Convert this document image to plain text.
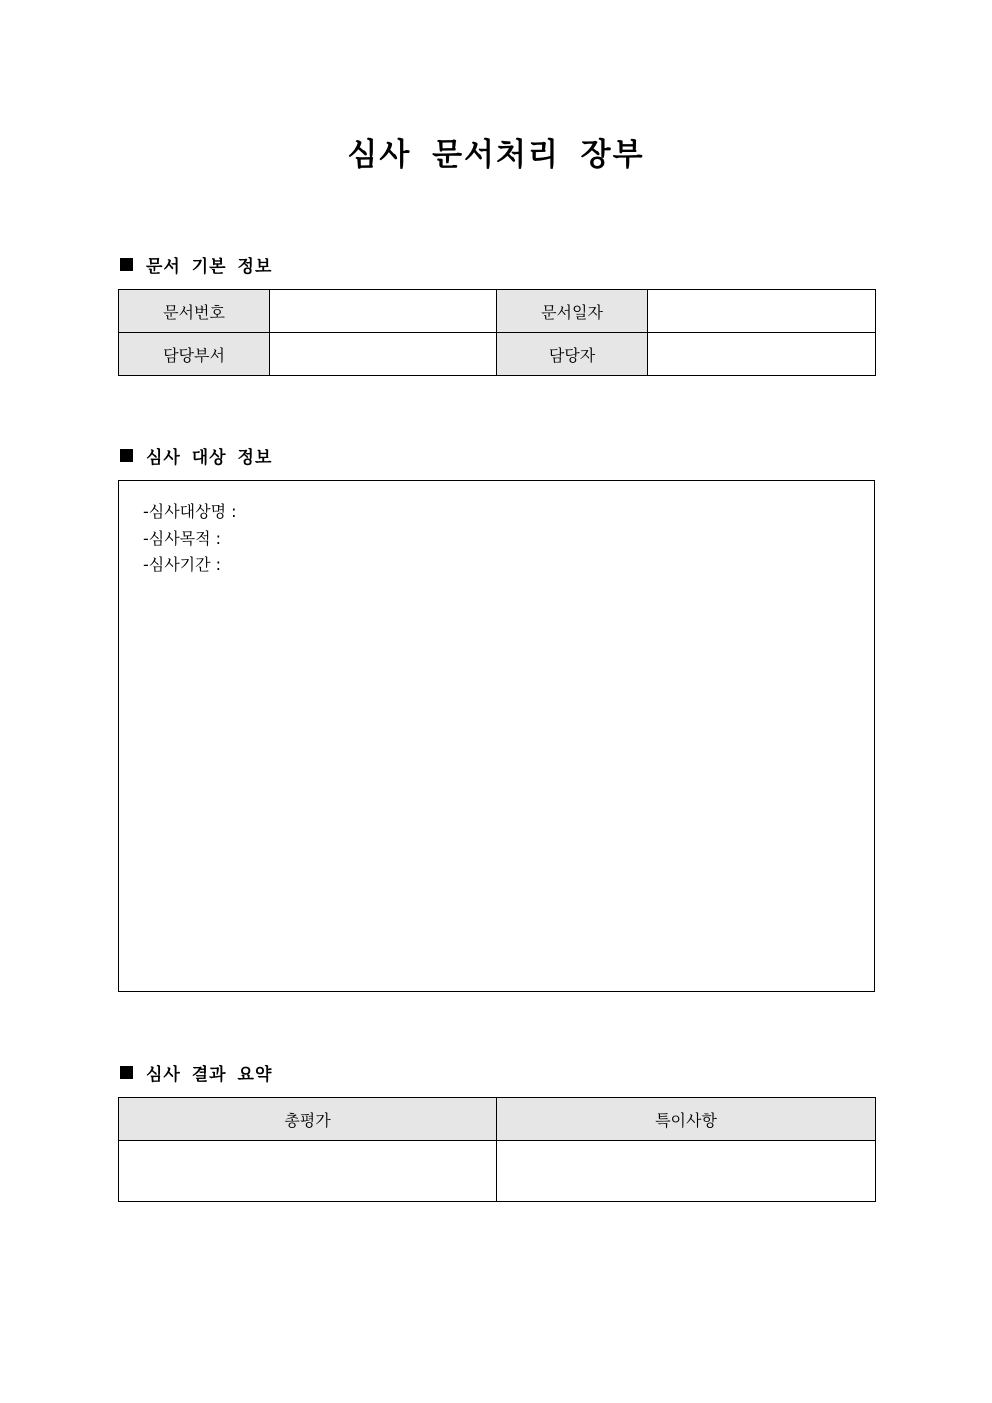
심사 문서처리 장부
문서 기본 정보
문서번호		문서일자	
담당부서		담당자	
심사 대상 정보
-심사대상명 :
-심사목적 :
-심사기간 :
심사 결과 요약
총평가	특이사항
